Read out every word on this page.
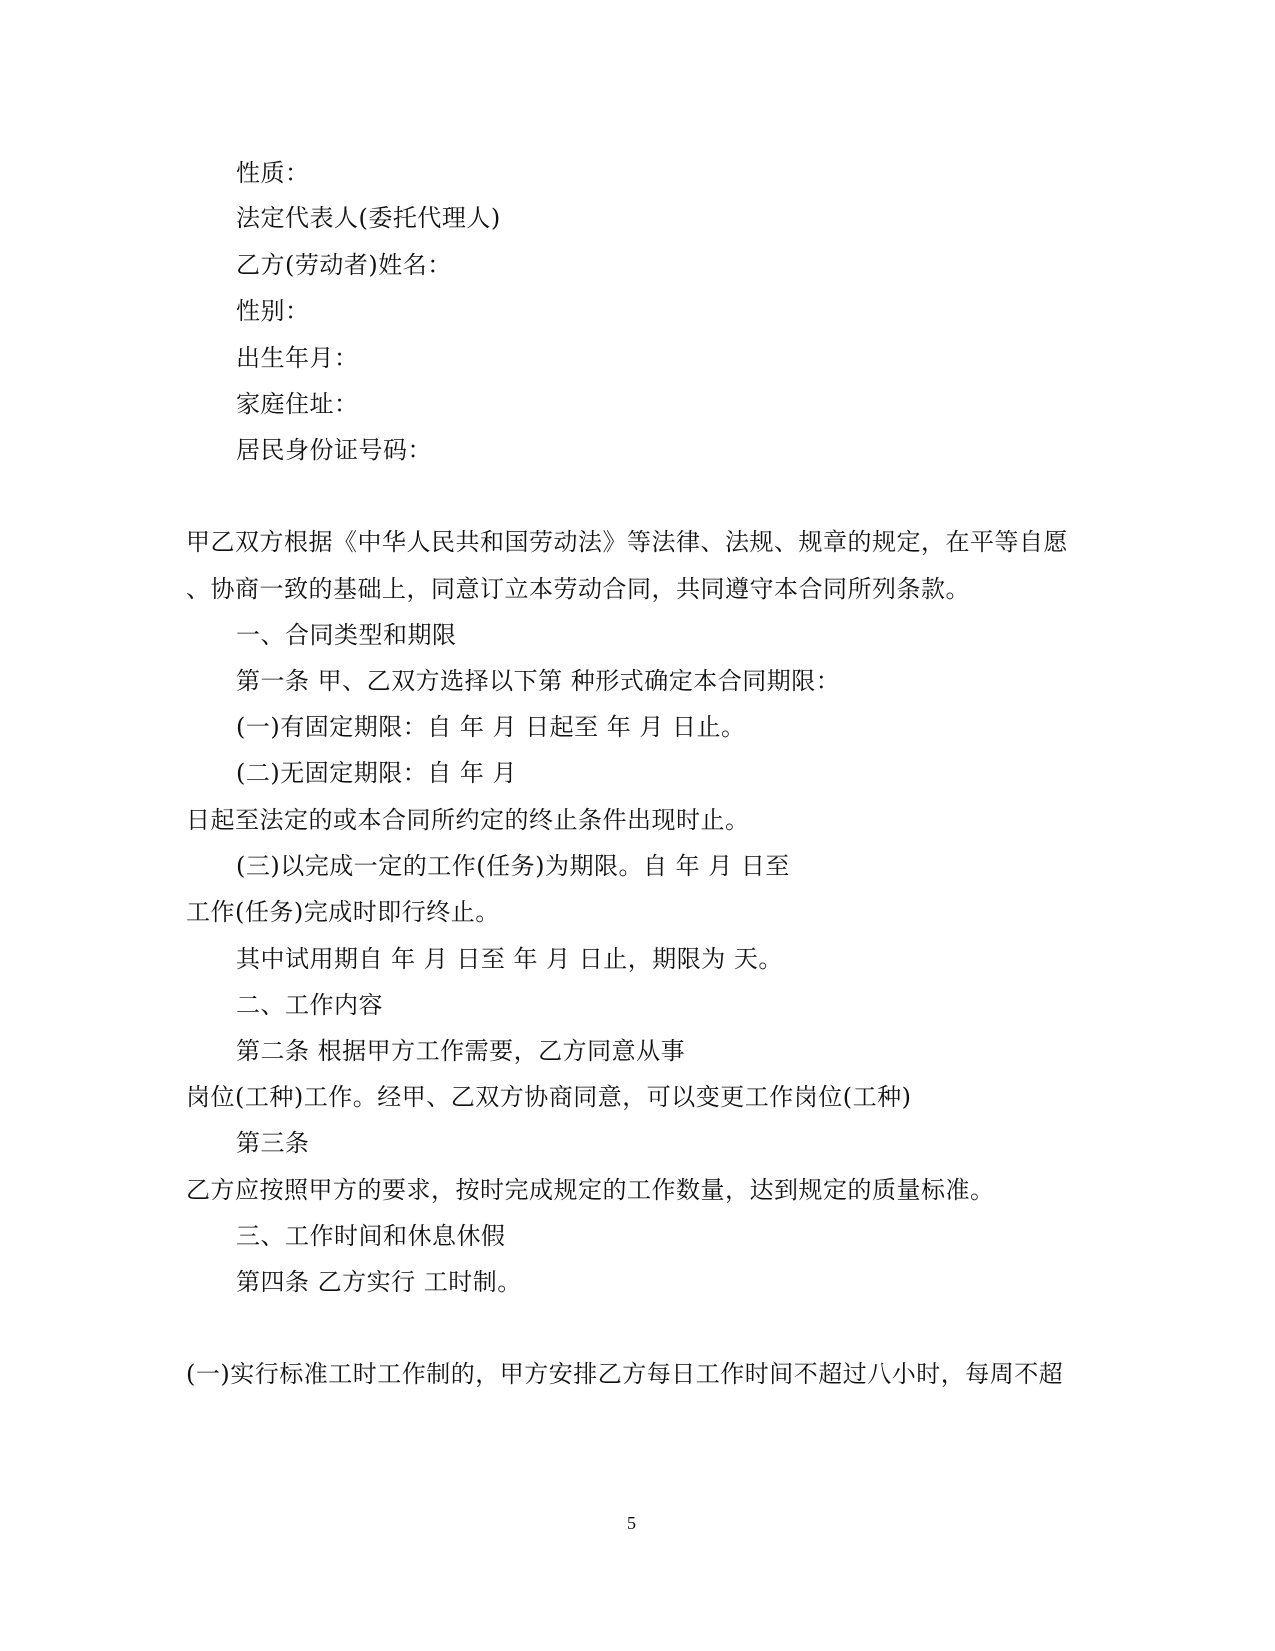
性质：
法定代表人(委托代理人)
乙方(劳动者)姓名：
性别：
出生年月：
家庭住址：
居民身份证号码：
甲乙双方根据《中华人民共和国劳动法》等法律、法规、规章的规定，在平等自愿
、协商一致的基础上，同意订立本劳动合同，共同遵守本合同所列条款。
一、合同类型和期限
第一条 甲、乙双方选择以下第 种形式确定本合同期限：
(一)有固定期限：自 年 月 日起至 年 月 日止。
(二)无固定期限：自 年 月
日起至法定的或本合同所约定的终止条件出现时止。
(三)以完成一定的工作(任务)为期限。自 年 月 日至
工作(任务)完成时即行终止。
其中试用期自 年 月 日至 年 月 日止，期限为 天。
二、工作内容
第二条 根据甲方工作需要，乙方同意从事
岗位(工种)工作。经甲、乙双方协商同意，可以变更工作岗位(工种)
第三条
乙方应按照甲方的要求，按时完成规定的工作数量，达到规定的质量标准。
三、工作时间和休息休假
第四条 乙方实行 工时制。
(一)实行标准工时工作制的，甲方安排乙方每日工作时间不超过八小时，每周不超
5
